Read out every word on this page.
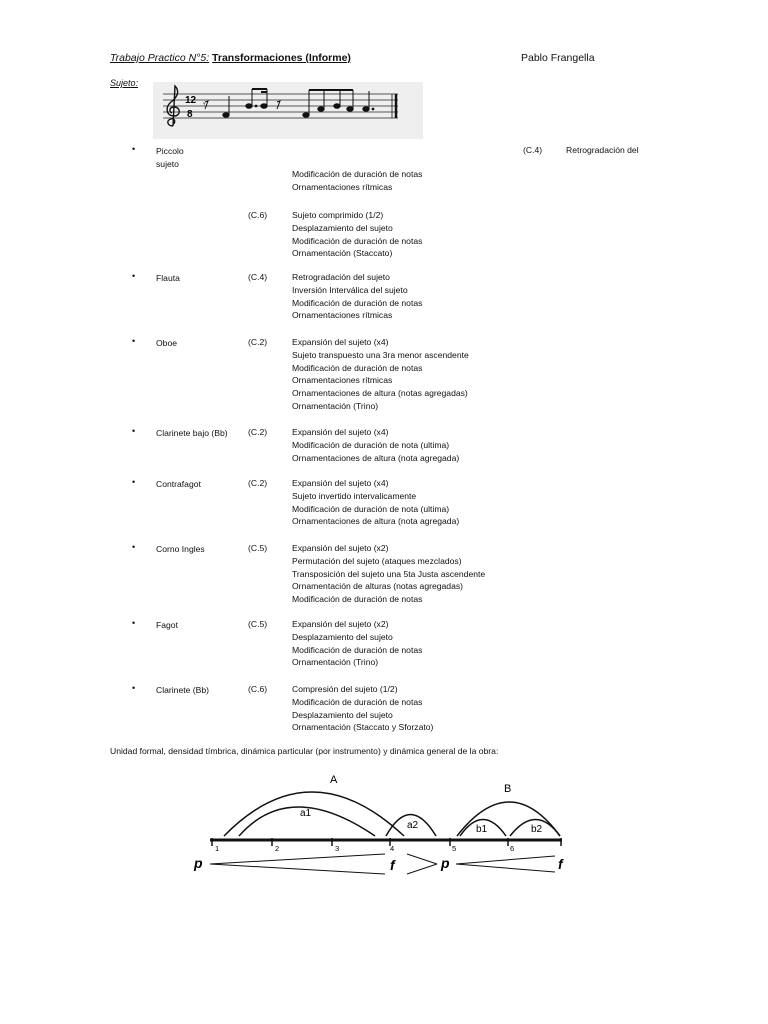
Trabajo Practico N°5: Transformaciones (Informe)	Pablo Frangella
Sujeto:
12
8
𝄾
• Piccolo
sujeto
(C.4)	Retrogradación del
Modificación de duración de notas
Ornamentaciones rítmicas
(C.6)	Sujeto comprimido (1/2)
Desplazamiento del sujeto
Modificación de duración de notas
Ornamentación (Staccato)
• Flauta	(C.4)	Retrogradación del sujeto
Inversión Interválica del sujeto
Modificación de duración de notas
Ornamentaciones rítmicas
• Oboe	(C.2)	Expansión del sujeto (x4)
Sujeto transpuesto una 3ra menor ascendente
Modificación de duración de notas
Ornamentaciones rítmicas
Ornamentaciones de altura (notas agregadas)
Ornamentación (Trino)
• Clarinete bajo (Bb) (C.2)	Expansión del sujeto (x4)
Modificación de duración de nota (ultima)
Ornamentaciones de altura (nota agregada)
• Contrafagot	(C.2)	Expansión del sujeto (x4)
Sujeto invertido intervalicamente
Modificación de duración de nota (ultima)
Ornamentaciones de altura (nota agregada)
• Corno Ingles	(C.5)	Expansión del sujeto (x2)
Permutación del sujeto (ataques mezclados)
Transposición del sujeto una 5ta Justa ascendente
Ornamentación de alturas (notas agregadas)
Modificación de duración de notas
• Fagot	(C.5)	Expansión del sujeto (x2)
Desplazamiento del sujeto
Modificación de duración de notas
Ornamentación (Trino)
• Clarinete (Bb)	(C.6)	Compresión del sujeto (1/2)
Modificación de duración de notas
Desplazamiento del sujeto
Ornamentación (Staccato y Sforzato)
Unidad formal, densidad tímbrica, dinámica particular (por instrumento) y dinámica general de la obra:
A
a1
a2
B
b1	b2
1	2	3	4	5	6
p	f	p	f
